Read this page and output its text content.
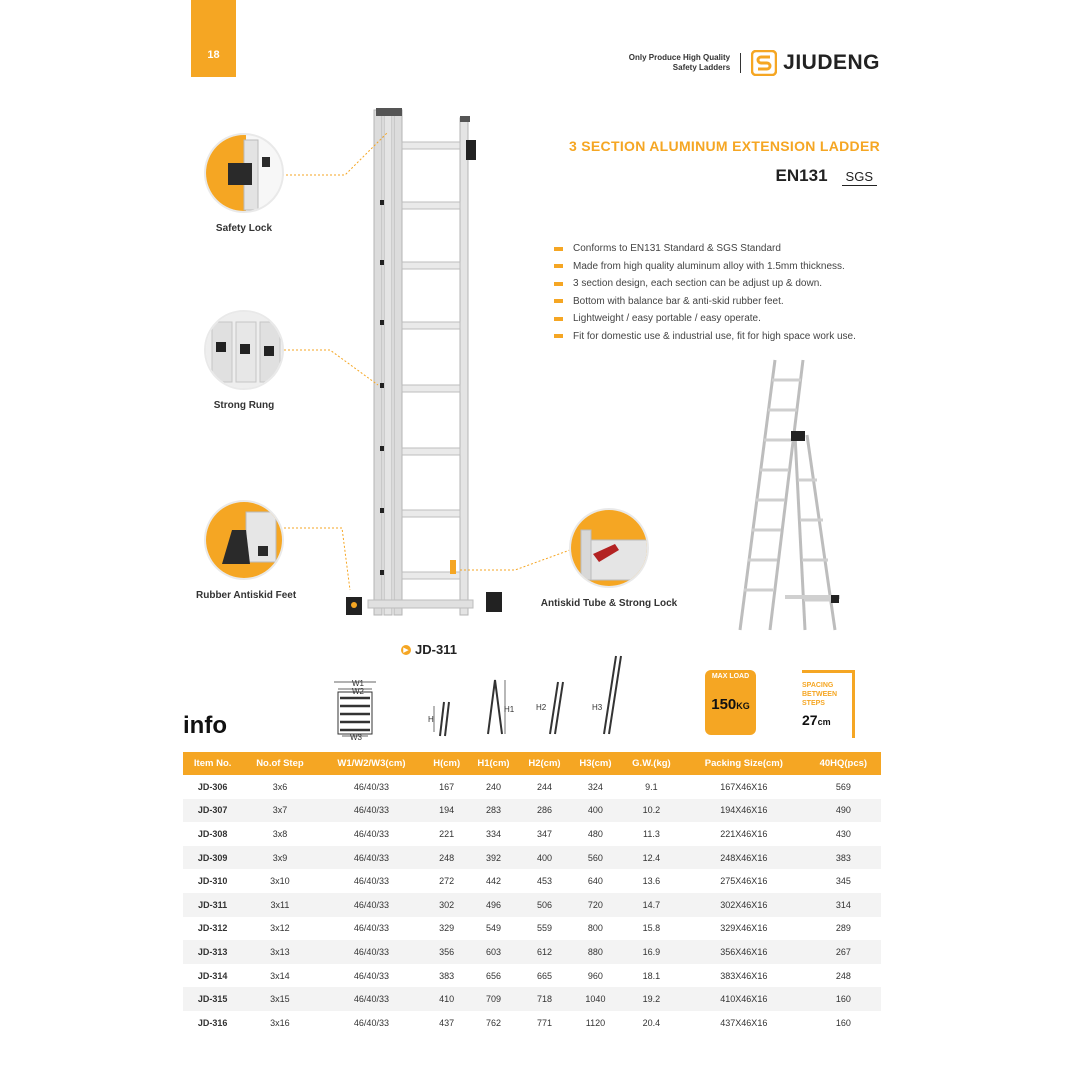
18	Only Produce High Quality
Safety Ladders	JIUDENG
3 SECTION ALUMINUM EXTENSION LADDER
EN131	SGS
Conforms to EN131 Standard & SGS Standard
Made from high quality aluminum alloy with 1.5mm thickness.
3 section design, each section can be adjust up & down.
Bottom with balance bar & anti-skid rubber feet.
Lightweight / easy portable / easy operate.
Fit for domestic use & industrial use, fit for high space work use.
Safety Lock
Strong Rung
Rubber Antiskid Feet
Antiskid Tube & Strong Lock
▶ JD-311
info
W1
W2
W3
H
H1	H2	H3
MAX LOAD
150KG
SPACING
BETWEEN
STEPS
27cm
Item No.	No.of Step	W1/W2/W3(cm)	H(cm)	H1(cm)	H2(cm)	H3(cm)	G.W.(kg)	Packing Size(cm)	40HQ(pcs)
JD-306	3x6	46/40/33	167	240	244	324	9.1	167X46X16	569
JD-307	3x7	46/40/33	194	283	286	400	10.2	194X46X16	490
JD-308	3x8	46/40/33	221	334	347	480	11.3	221X46X16	430
JD-309	3x9	46/40/33	248	392	400	560	12.4	248X46X16	383
JD-310	3x10	46/40/33	272	442	453	640	13.6	275X46X16	345
JD-311	3x11	46/40/33	302	496	506	720	14.7	302X46X16	314
JD-312	3x12	46/40/33	329	549	559	800	15.8	329X46X16	289
JD-313	3x13	46/40/33	356	603	612	880	16.9	356X46X16	267
JD-314	3x14	46/40/33	383	656	665	960	18.1	383X46X16	248
JD-315	3x15	46/40/33	410	709	718	1040	19.2	410X46X16	160
JD-316	3x16	46/40/33	437	762	771	1120	20.4	437X46X16	160
